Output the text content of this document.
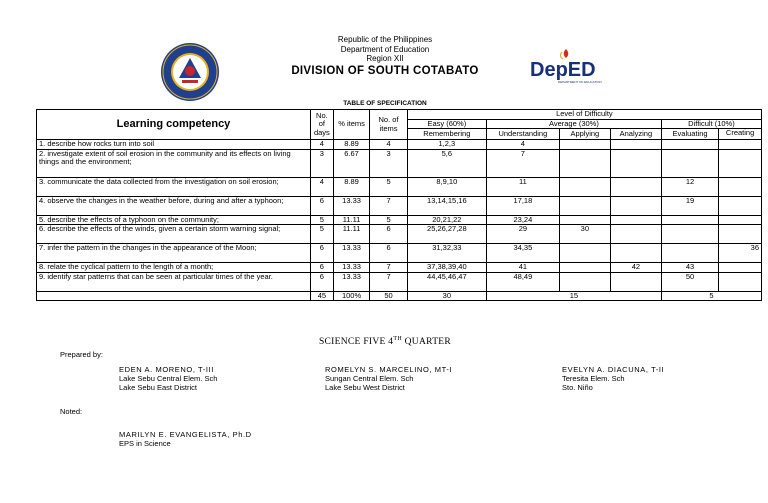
Republic of the Philippines
Department of Education
Region XII
DIVISION OF SOUTH COTABATO	DepED
DEPARTMENT OF EDUCATION
TABLE OF SPECIFICATION
Learning competency	No. of days	% items	No. of items	Level of Difficulty					
				Easy (60%)	Average (30%)			Difficult (10%)	
				Remembering	Understanding	Applying	Analyzing	Evaluating	Creating
1. describe how rocks turn into soil	4	8.89	4	1,2,3	4				
2. investigate extent of soil erosion in the community and its effects on living things and the environment;	3	6.67	3	5,6	7				
3. communicate the data collected from the investigation on soil erosion;	4	8.89	5	8,9,10	11			12	
4. observe the changes in the weather before, during and after a typhoon;	6	13.33	7	13,14,15,16	17,18			19	
5. describe the effects of a typhoon on the community;	5	11.11	5	20,21,22	23,24				
6. describe the effects of the winds, given a certain storm warning signal;	5	11.11	6	25,26,27,28	29	30			
7. infer the pattern in the changes in the appearance of the Moon;	6	13.33	6	31,32,33	34,35				36
8. relate the cyclical pattern to the length of a month;	6	13.33	7	37,38,39,40	41		42	43	
9. identify star patterns that can be seen at particular times of the year.	6	13.33	7	44,45,46,47	48,49			50	
	45	100%	50	30	15			5	
SCIENCE FIVE 4TH QUARTER
Prepared by:
EDEN A. MORENO, T-III
Lake Sebu Central Elem. Sch
Lake Sebu East District
ROMELYN S. MARCELINO, MT-I
Sungan Central Elem. Sch
Lake Sebu West District
EVELYN A. DIACUNA, T-II
Teresita Elem. Sch
Sto. Niño
Noted:
MARILYN E. EVANGELISTA, Ph.D
EPS in Science
